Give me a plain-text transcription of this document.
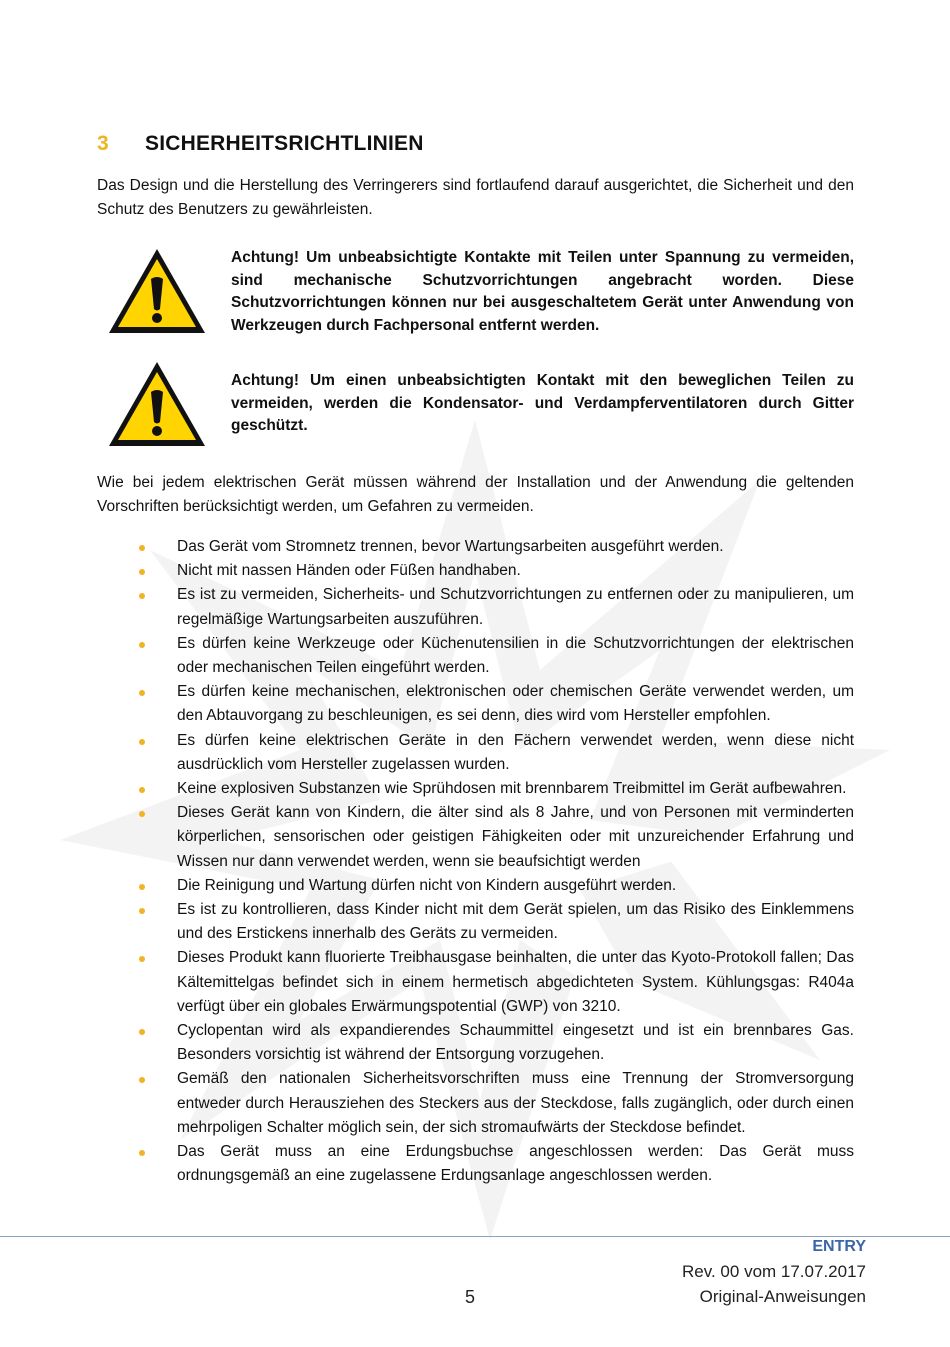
3	SICHERHEITSRICHTLINIEN
Das Design und die Herstellung des Verringerers sind fortlaufend darauf ausgerichtet, die Sicherheit und den Schutz des Benutzers zu gewährleisten.
Achtung! Um unbeabsichtigte Kontakte mit Teilen unter Spannung zu vermeiden, sind mechanische Schutzvorrichtungen angebracht worden. Diese Schutzvorrichtungen können nur bei ausgeschaltetem Gerät unter Anwendung von Werkzeugen durch Fachpersonal entfernt werden.
Achtung! Um einen unbeabsichtigten Kontakt mit den beweglichen Teilen zu vermeiden, werden die Kondensator- und Verdampferventilatoren durch Gitter geschützt.
Wie bei jedem elektrischen Gerät müssen während der Installation und der Anwendung die geltenden Vorschriften berücksichtigt werden, um Gefahren zu vermeiden.
Das Gerät vom Stromnetz trennen, bevor Wartungsarbeiten ausgeführt werden.
Nicht mit nassen Händen oder Füßen handhaben.
Es ist zu vermeiden, Sicherheits- und Schutzvorrichtungen zu entfernen oder zu manipulieren, um regelmäßige Wartungsarbeiten auszuführen.
Es dürfen keine Werkzeuge oder Küchenutensilien in die Schutzvorrichtungen der elektrischen oder mechanischen Teilen eingeführt werden.
Es dürfen keine mechanischen, elektronischen oder chemischen Geräte verwendet werden, um den Abtauvorgang zu beschleunigen, es sei denn, dies wird vom Hersteller empfohlen.
Es dürfen keine elektrischen Geräte in den Fächern verwendet werden, wenn diese nicht ausdrücklich vom Hersteller zugelassen wurden.
Keine explosiven Substanzen wie Sprühdosen mit brennbarem Treibmittel im Gerät aufbewahren.
Dieses Gerät kann von Kindern, die älter sind als 8 Jahre, und von Personen mit verminderten körperlichen, sensorischen oder geistigen Fähigkeiten oder mit unzureichender Erfahrung und Wissen nur dann verwendet werden, wenn sie beaufsichtigt werden
Die Reinigung und Wartung dürfen nicht von Kindern ausgeführt werden.
Es ist zu kontrollieren, dass Kinder nicht mit dem Gerät spielen, um das Risiko des Einklemmens und des Erstickens innerhalb des Geräts zu vermeiden.
Dieses Produkt kann fluorierte Treibhausgase beinhalten, die unter das Kyoto-Protokoll fallen; Das Kältemittelgas befindet sich in einem hermetisch abgedichteten System. Kühlungsgas: R404a verfügt über ein globales Erwärmungspotential (GWP) von 3210.
Cyclopentan wird als expandierendes Schaummittel eingesetzt und ist ein brennbares Gas. Besonders vorsichtig ist während der Entsorgung vorzugehen.
Gemäß den nationalen Sicherheitsvorschriften muss eine Trennung der Stromversorgung entweder durch Herausziehen des Steckers aus der Steckdose, falls zugänglich, oder durch einen mehrpoligen Schalter möglich sein, der sich stromaufwärts der Steckdose befindet.
Das Gerät muss an eine Erdungsbuchse angeschlossen werden: Das Gerät muss ordnungsgemäß an eine zugelassene Erdungsanlage angeschlossen werden.
ENTRY
Rev. 00 vom 17.07.2017
5	Original-Anweisungen
